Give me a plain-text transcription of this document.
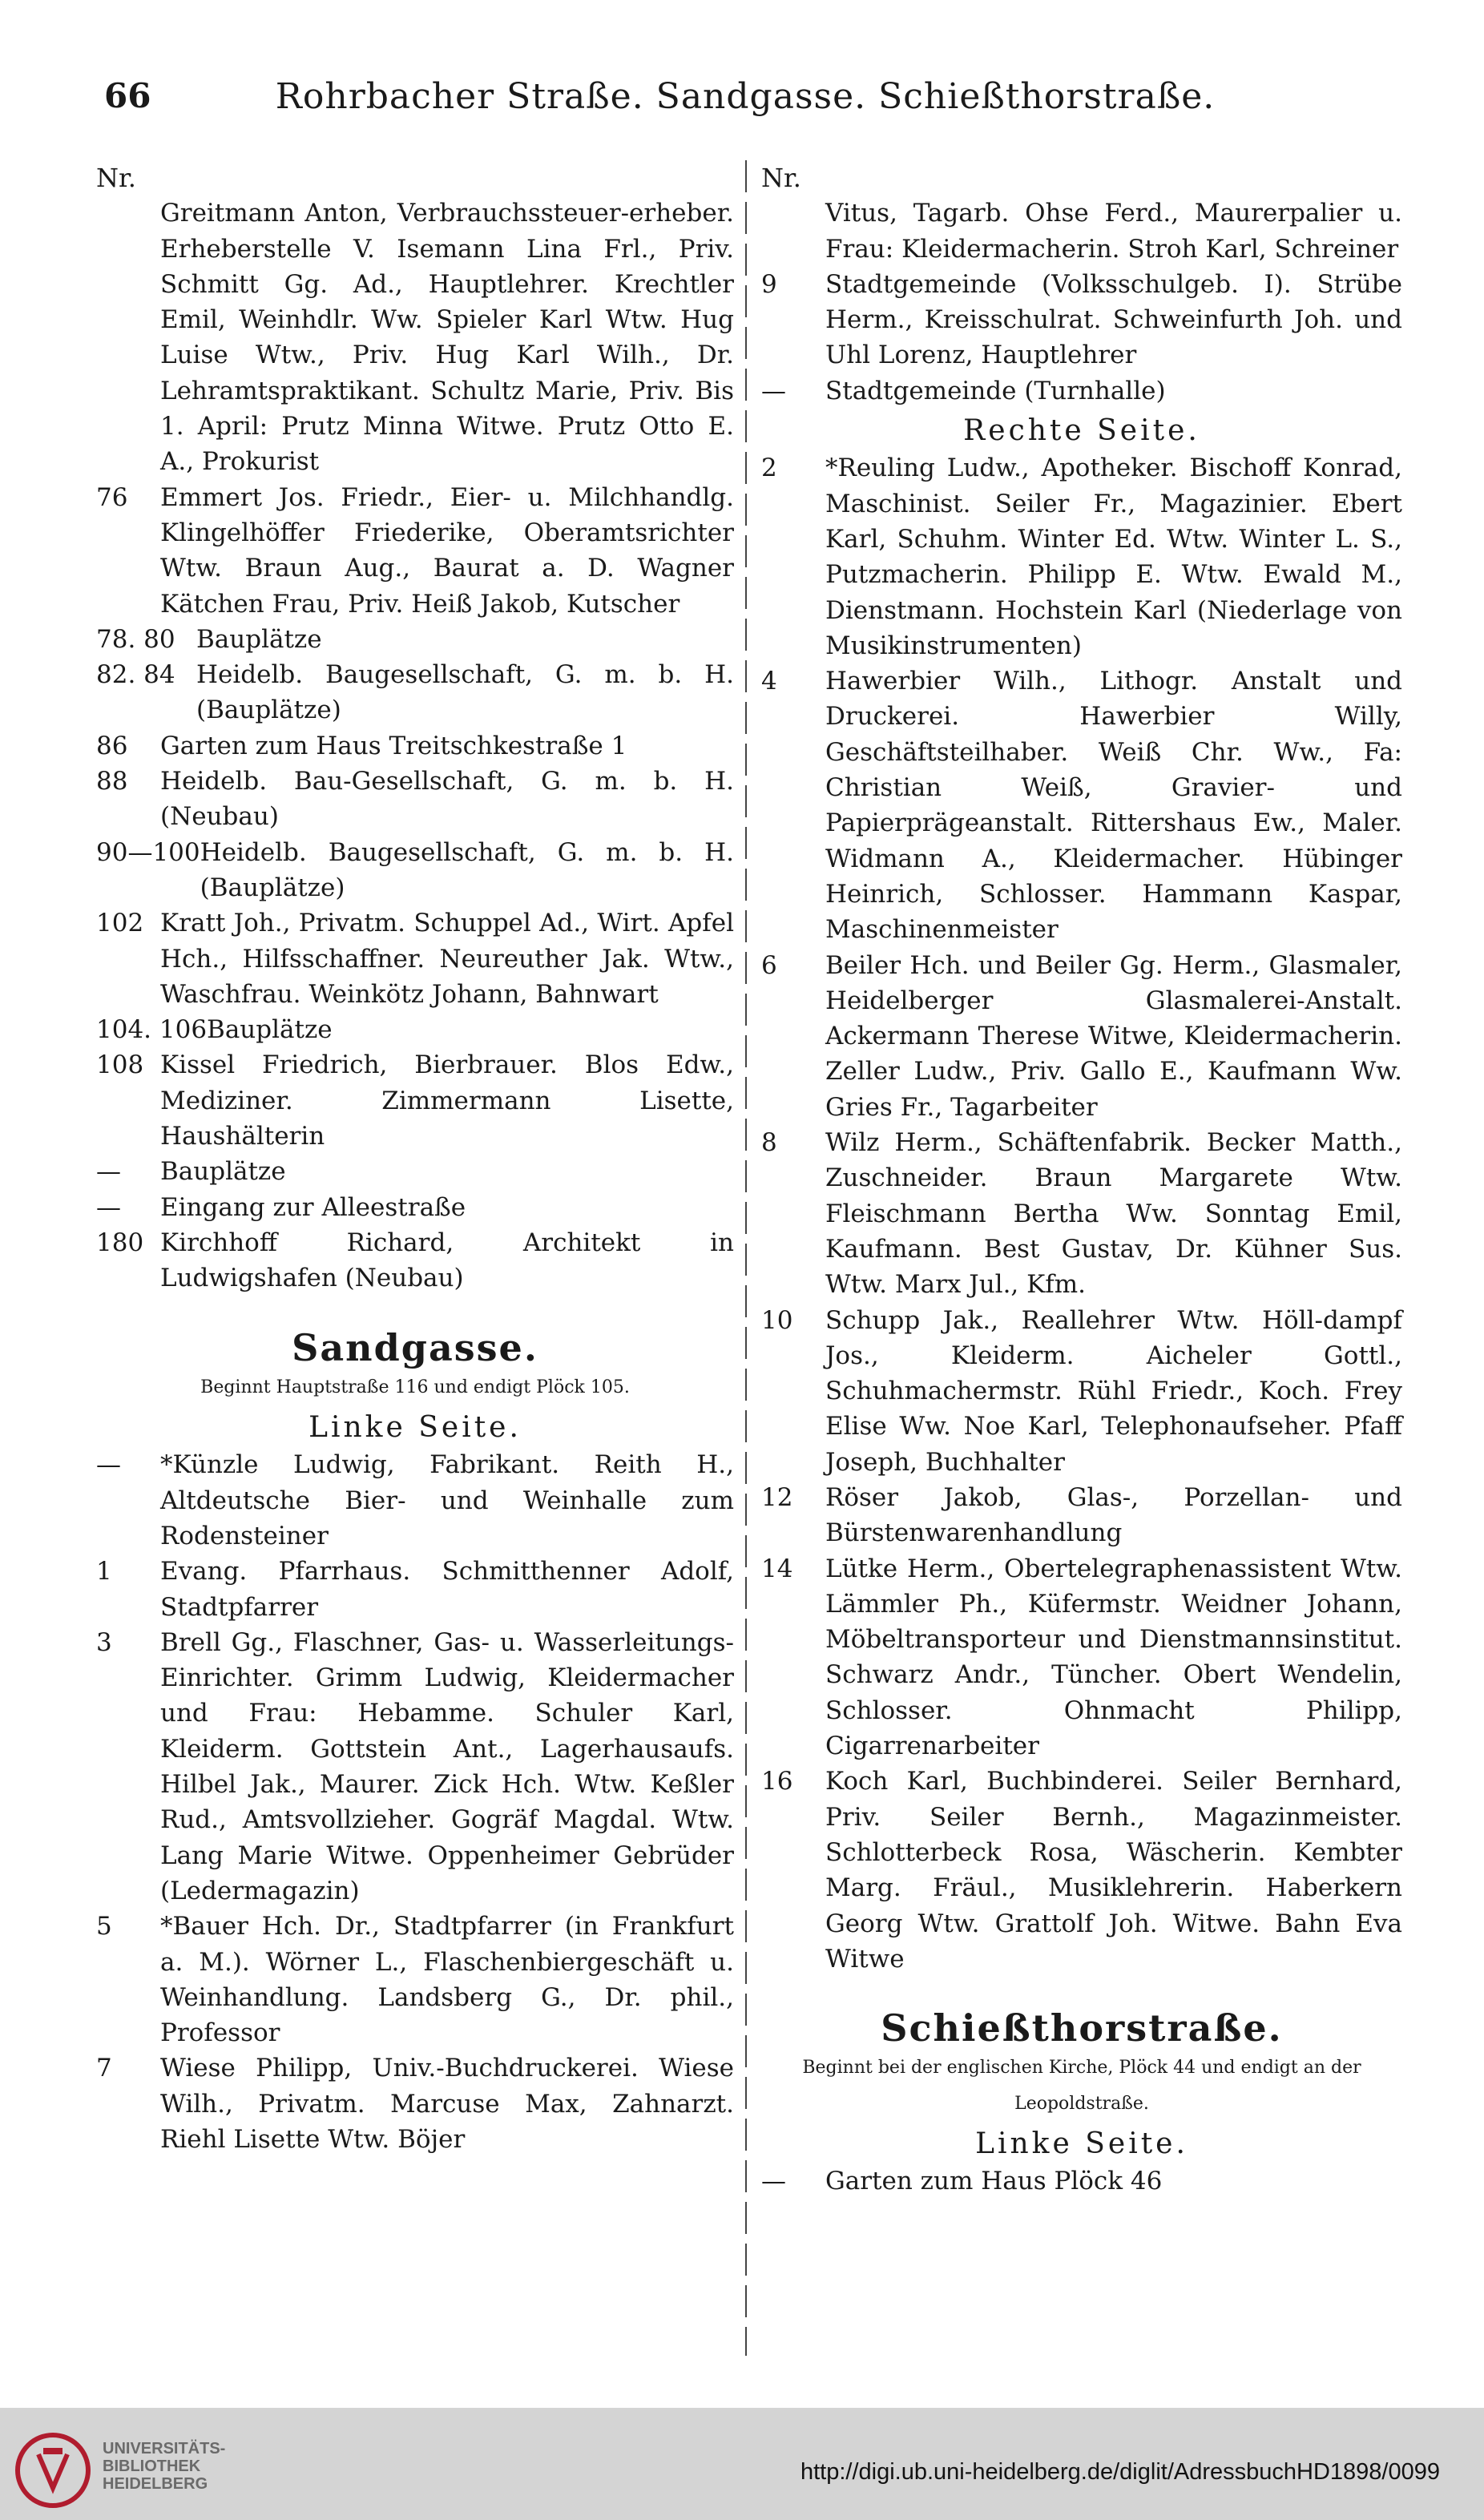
66	Rohrbacher Straße. Sandgasse. Schießthorstraße.
Nr.
Greitmann Anton, Verbrauchssteuer-erheber. Erheberstelle V. Isemann Lina Frl., Priv. Schmitt Gg. Ad., Hauptlehrer. Krechtler Emil, Weinhdlr. Ww. Spieler Karl Wtw. Hug Luise Wtw., Priv. Hug Karl Wilh., Dr. Lehramtspraktikant. Schultz Marie, Priv. Bis 1. April: Prutz Minna Witwe. Prutz Otto E. A., Prokurist
76	Emmert Jos. Friedr., Eier- u. Milchhandlg. Klingelhöffer Friederike, Oberamtsrichter Wtw. Braun Aug., Baurat a. D. Wagner Kätchen Frau, Priv. Heiß Jakob, Kutscher
78. 80 Bauplätze
82. 84 Heidelb. Baugesellschaft, G. m. b. H. (Bauplätze)
86	Garten zum Haus Treitschkestraße 1
88	Heidelb. Bau-Gesellschaft, G. m. b. H. (Neubau)
90—100 Heidelb. Baugesellschaft, G. m. b. H. (Bauplätze)
102 Kratt Joh., Privatm. Schuppel Ad., Wirt. Apfel Hch., Hilfsschaffner. Neureuther Jak. Wtw., Waschfrau. Weinkötz Johann, Bahnwart
104. 106 Bauplätze
108 Kissel Friedrich, Bierbrauer. Blos Edw., Mediziner. Zimmermann Lisette, Haushälterin
—	Bauplätze
—	Eingang zur Alleestraße
180 Kirchhoff Richard, Architekt in Ludwigshafen (Neubau)
Sandgasse.
Beginnt Hauptstraße 116 und endigt Plöck 105.
Linke Seite.
—	*Künzle Ludwig, Fabrikant. Reith H., Altdeutsche Bier- und Weinhalle zum Rodensteiner
1	Evang. Pfarrhaus. Schmitthenner Adolf, Stadtpfarrer
3	Brell Gg., Flaschner, Gas- u. Wasserleitungs-Einrichter. Grimm Ludwig, Kleidermacher und Frau: Hebamme. Schuler Karl, Kleiderm. Gottstein Ant., Lagerhausaufs. Hilbel Jak., Maurer. Zick Hch. Wtw. Keßler Rud., Amtsvollzieher. Gogräf Magdal. Wtw. Lang Marie Witwe. Oppenheimer Gebrüder (Ledermagazin)
5	*Bauer Hch. Dr., Stadtpfarrer (in Frankfurt a. M.). Wörner L., Flaschenbiergeschäft u. Weinhandlung. Landsberg G., Dr. phil., Professor
7	Wiese Philipp, Univ.-Buchdruckerei. Wiese Wilh., Privatm. Marcuse Max, Zahnarzt. Riehl Lisette Wtw. Böjer
Nr.
Vitus, Tagarb. Ohse Ferd., Maurerpalier u. Frau: Kleidermacherin. Stroh Karl, Schreiner
9	Stadtgemeinde (Volksschulgeb. I). Strübe Herm., Kreisschulrat. Schweinfurth Joh. und Uhl Lorenz, Hauptlehrer
—	Stadtgemeinde (Turnhalle)
Rechte Seite.
2	*Reuling Ludw., Apotheker. Bischoff Konrad, Maschinist. Seiler Fr., Magazinier. Ebert Karl, Schuhm. Winter Ed. Wtw. Winter L. S., Putzmacherin. Philipp E. Wtw. Ewald M., Dienstmann. Hochstein Karl (Niederlage von Musikinstrumenten)
4	Hawerbier Wilh., Lithogr. Anstalt und Druckerei. Hawerbier Willy, Geschäftsteilhaber. Weiß Chr. Ww., Fa: Christian Weiß, Gravier- und Papierprägeanstalt. Rittershaus Ew., Maler. Widmann A., Kleidermacher. Hübinger Heinrich, Schlosser. Hammann Kaspar, Maschinenmeister
6	Beiler Hch. und Beiler Gg. Herm., Glasmaler, Heidelberger Glasmalerei-Anstalt. Ackermann Therese Witwe, Kleidermacherin. Zeller Ludw., Priv. Gallo E., Kaufmann Ww. Gries Fr., Tagarbeiter
8	Wilz Herm., Schäftenfabrik. Becker Matth., Zuschneider. Braun Margarete Wtw. Fleischmann Bertha Ww. Sonntag Emil, Kaufmann. Best Gustav, Dr. Kühner Sus. Wtw. Marx Jul., Kfm.
10	Schupp Jak., Reallehrer Wtw. Höll-dampf Jos., Kleiderm. Aicheler Gottl., Schuhmachermstr. Rühl Friedr., Koch. Frey Elise Ww. Noe Karl, Telephonaufseher. Pfaff Joseph, Buchhalter
12	Röser Jakob, Glas-, Porzellan- und Bürstenwarenhandlung
14	Lütke Herm., Obertelegraphenassistent Wtw. Lämmler Ph., Küfermstr. Weidner Johann, Möbeltransporteur und Dienstmannsinstitut. Schwarz Andr., Tüncher. Obert Wendelin, Schlosser. Ohnmacht Philipp, Cigarrenarbeiter
16	Koch Karl, Buchbinderei. Seiler Bernhard, Priv. Seiler Bernh., Magazinmeister. Schlotterbeck Rosa, Wäscherin. Kembter Marg. Fräul., Musiklehrerin. Haberkern Georg Wtw. Grattolf Joh. Witwe. Bahn Eva Witwe
Schießthorstraße.
Beginnt bei der englischen Kirche, Plöck 44 und endigt an der Leopoldstraße.
Linke Seite.
—	Garten zum Haus Plöck 46
UNIVERSITÄTS-
BIBLIOTHEK
HEIDELBERG	http://digi.ub.uni-heidelberg.de/diglit/AdressbuchHD1898/0099
